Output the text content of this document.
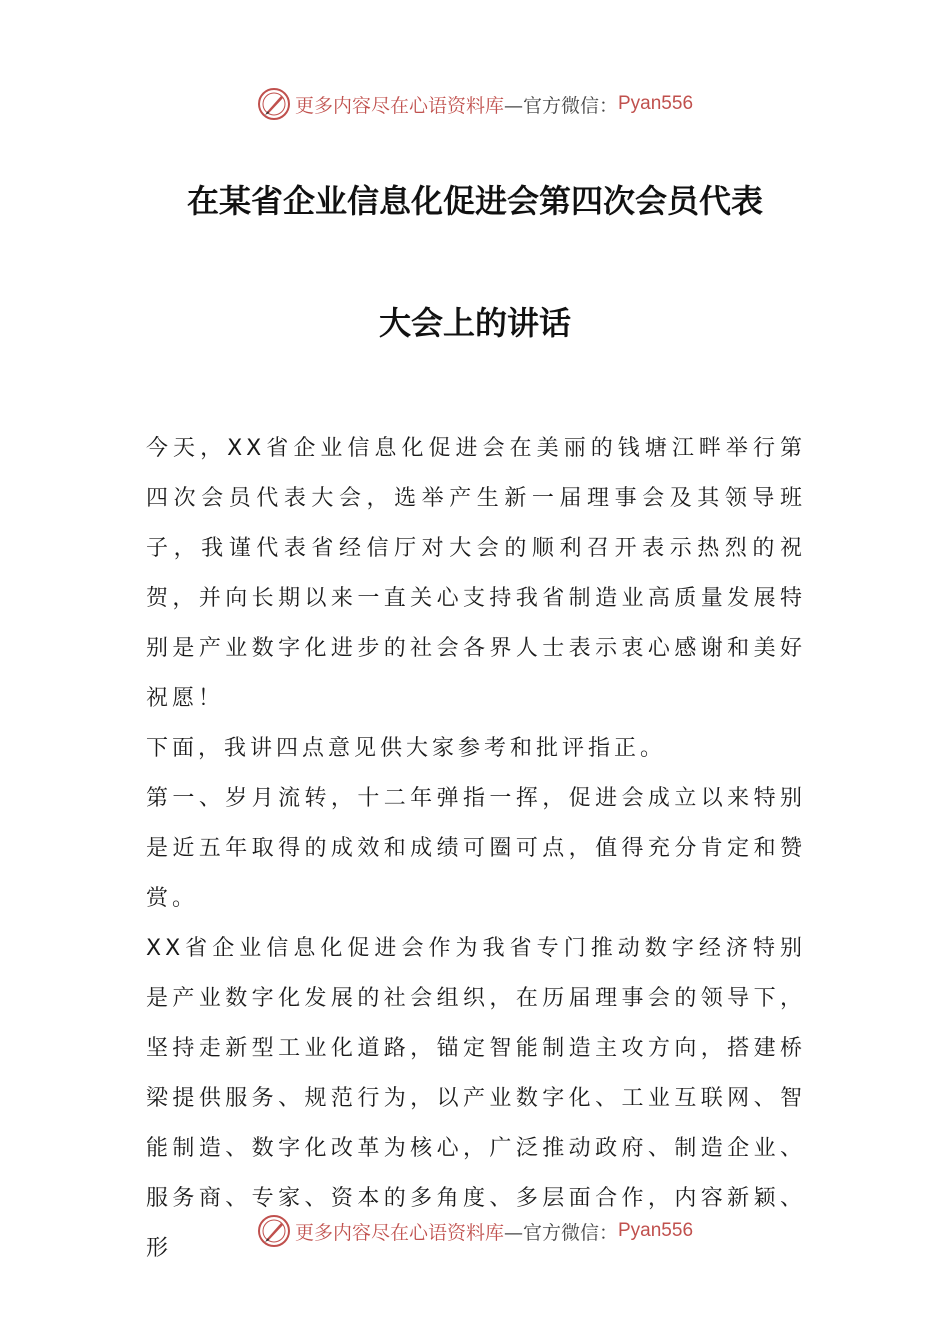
更多内容尽在心语资料库 —官方微信： Pyan556
在某省企业信息化促进会第四次会员代表
大会上的讲话

今天，XX省企业信息化促进会在美丽的钱塘江畔举行第四次会员代表大会，选举产生新一届理事会及其领导班子，我谨代表省经信厅对大会的顺利召开表示热烈的祝贺，并向长期以来一直关心支持我省制造业高质量发展特别是产业数字化进步的社会各界人士表示衷心感谢和美好祝愿！

下面，我讲四点意见供大家参考和批评指正。

第一、岁月流转，十二年弹指一挥，促进会成立以来特别是近五年取得的成效和成绩可圈可点，值得充分肯定和赞赏。

XX省企业信息化促进会作为我省专门推动数字经济特别是产业数字化发展的社会组织，在历届理事会的领导下，坚持走新型工业化道路，锚定智能制造主攻方向，搭建桥梁提供服务、规范行为，以产业数字化、工业互联网、智能制造、数字化改革为核心，广泛推动政府、制造企业、服务商、专家、资本的多角度、多层面合作，内容新颖、形

更多内容尽在心语资料库 —官方微信： Pyan556
